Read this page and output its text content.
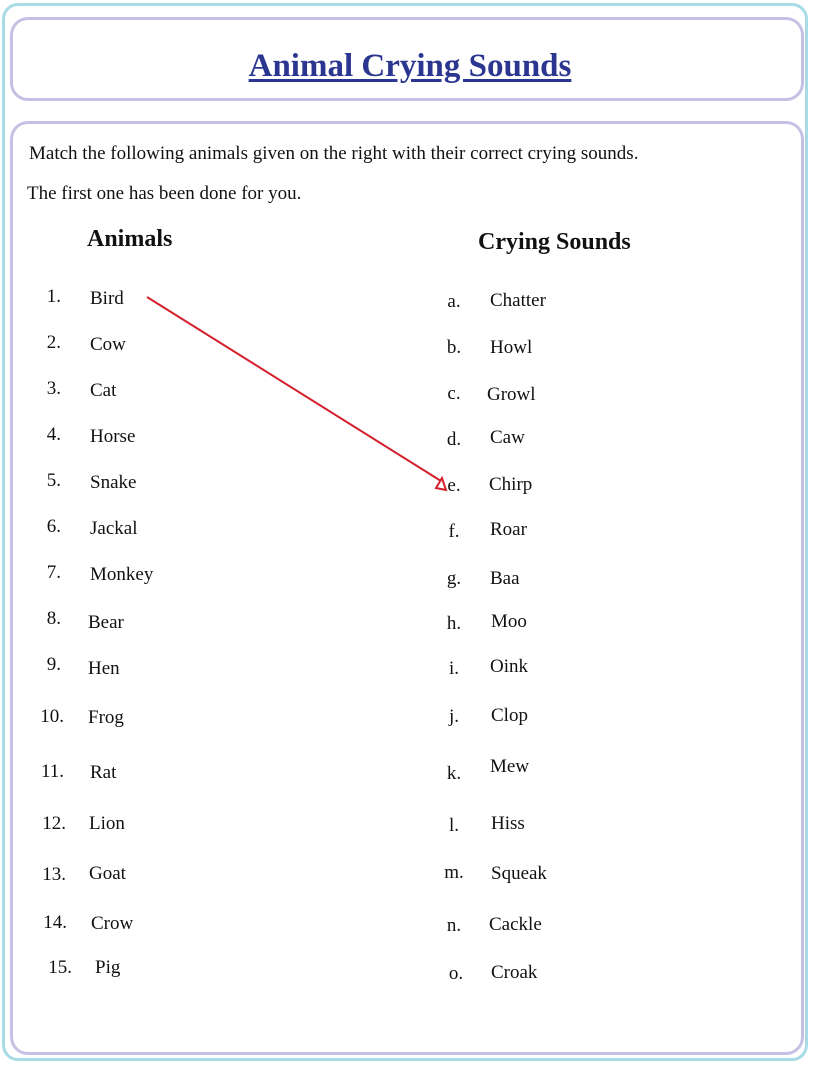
Animal Crying Sounds

Match the following animals given on the right with their correct crying sounds.

The first one has been done for you.

Animals	Crying Sounds
1. Bird
2. Cow
3. Cat
4. Horse
5. Snake
6. Jackal
7. Monkey
8. Bear
9. Hen
10. Frog
11. Rat
12. Lion
13. Goat
14. Crow
15. Pig
a. Chatter
b. Howl
c. Growl
d. Caw
e. Chirp
f. Roar
g. Baa
h. Moo
i. Oink
j. Clop
k. Mew
l. Hiss
m. Squeak
n. Cackle
o. Croak
